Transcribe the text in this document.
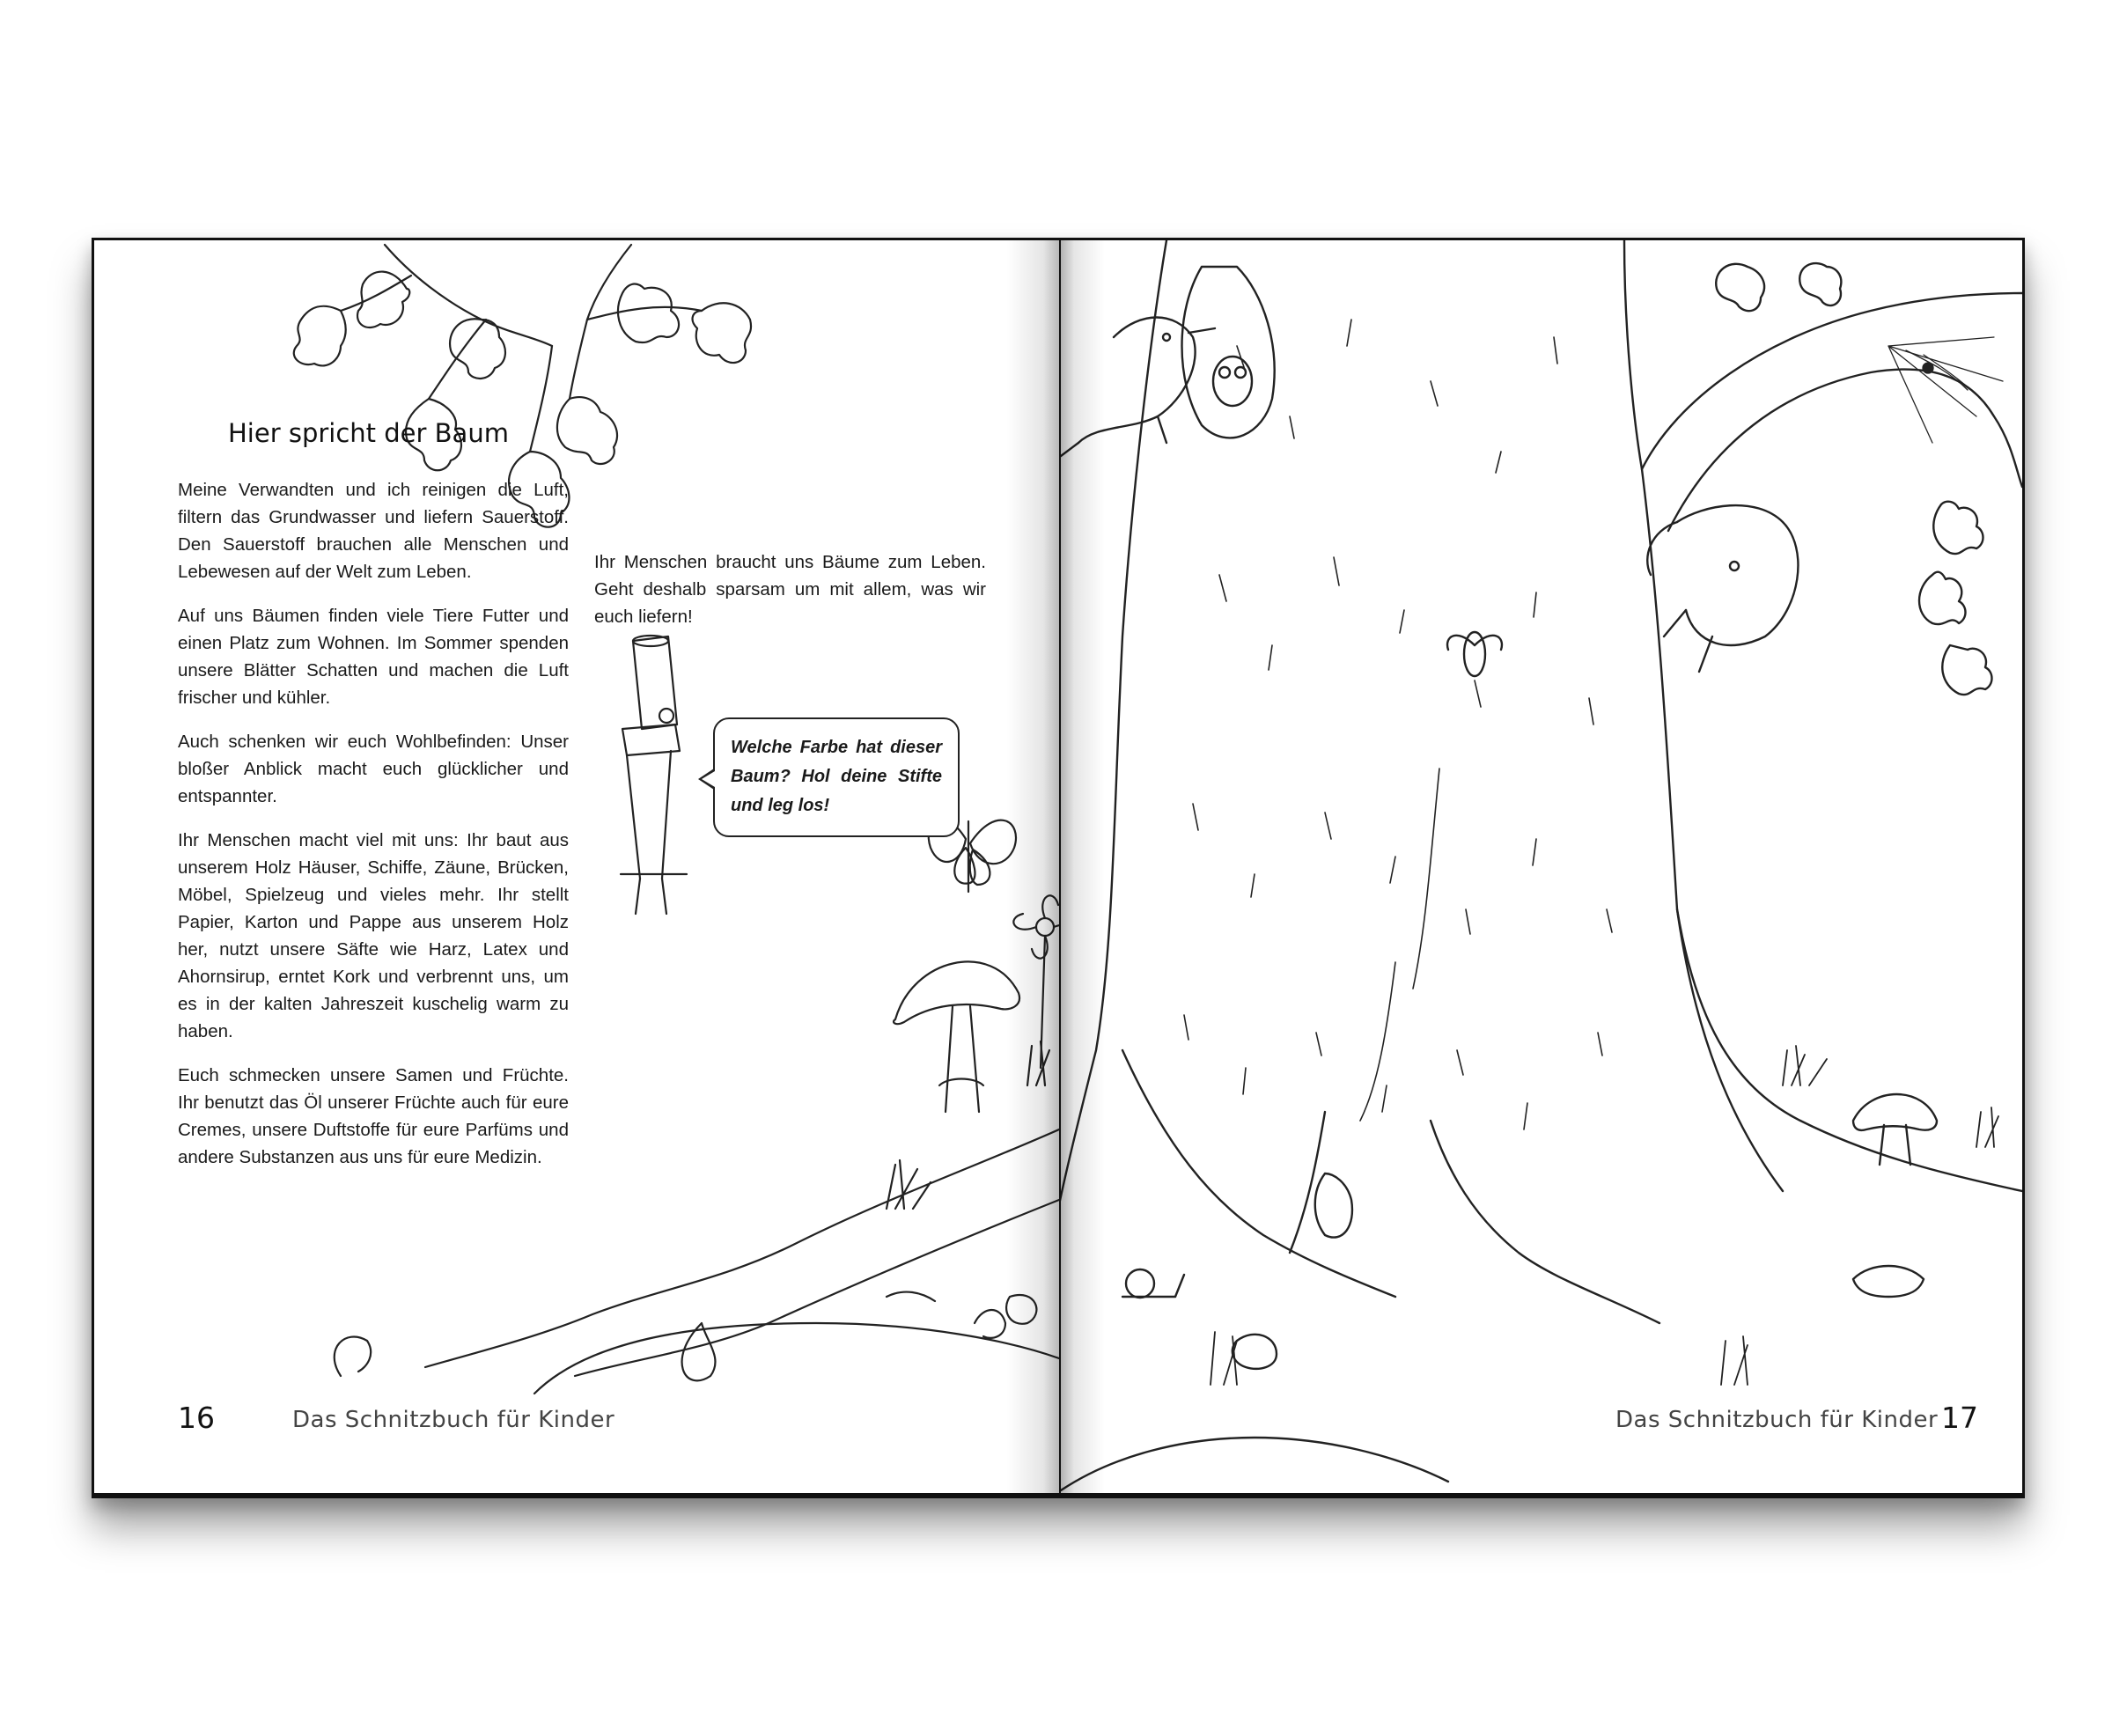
Hier spricht der Baum

Meine Verwandten und ich reinigen die Luft, filtern das Grundwasser und liefern Sauerstoff. Den Sauerstoff brauchen alle Menschen und Lebewesen auf der Welt zum Leben.

Auf uns Bäumen finden viele Tiere Futter und einen Platz zum Wohnen. Im Sommer spenden unsere Blätter Schatten und machen die Luft frischer und kühler.

Auch schenken wir euch Wohlbefinden: Unser bloßer Anblick macht euch glücklicher und entspannter.

Ihr Menschen macht viel mit uns: Ihr baut aus unserem Holz Häuser, Schiffe, Zäune, Brücken, Möbel, Spielzeug und vieles mehr. Ihr stellt Papier, Karton und Pappe aus unserem Holz her, nutzt unsere Säfte wie Harz, Latex und Ahornsirup, erntet Kork und verbrennt uns, um es in der kalten Jahreszeit kuschelig warm zu haben.

Euch schmecken unsere Samen und Früchte. Ihr benutzt das Öl unserer Früchte auch für eure Cremes, unsere Duftstoffe für eure Parfüms und andere Substanzen aus uns für eure Medizin.

Ihr Menschen braucht uns Bäume zum Leben. Geht deshalb sparsam um mit allem, was wir euch liefern!
Welche Farbe hat dieser Baum? Hol deine Stifte und leg los!
16	Das Schnitzbuch für Kinder	Das Schnitzbuch für Kinder 17
